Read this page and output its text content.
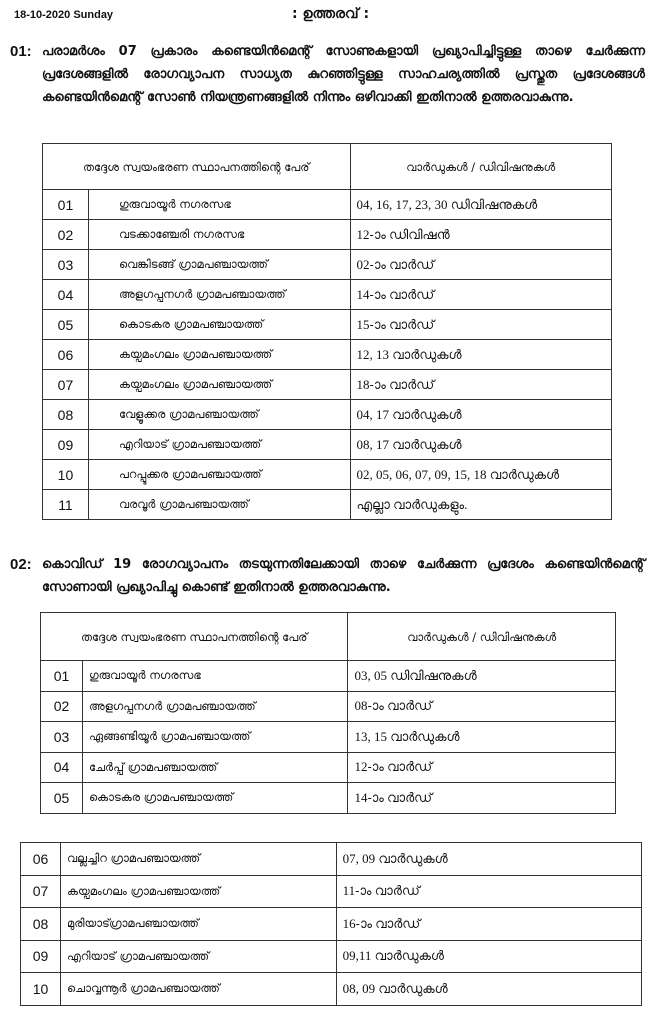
18-10-2020 Sunday	: ഉത്തരവ് :
01: പരാമർശം 07 പ്രകാരം കണ്ടെയിൻമെന്റ് സോണുകളായി പ്രഖ്യാപിച്ചിട്ടുള്ള താഴെ ചേർക്കുന്ന പ്രദേശങ്ങളിൽ രോഗവ്യാപന സാധ്യത കുറഞ്ഞിട്ടുള്ള സാഹചര്യത്തിൽ പ്രസ്തുത പ്രദേശങ്ങൾ കണ്ടെയിൻമെന്റ് സോൺ നിയന്ത്രണങ്ങളിൽ നിന്നും ഒഴിവാക്കി ഇതിനാൽ ഉത്തരവാകുന്നു.
തദ്ദേശ സ്വയംഭരണ സ്ഥാപനത്തിന്റെ പേര്		വാർഡുകൾ / ഡിവിഷനുകൾ
01	ഗുരുവായൂർ നഗരസഭ	04, 16, 17, 23, 30 ഡിവിഷനുകൾ
02	വടക്കാഞ്ചേരി നഗരസഭ	12-ാം ഡിവിഷൻ
03	വെങ്കിടങ്ങ് ഗ്രാമപഞ്ചായത്ത്	02-ാം വാർഡ്
04	അളഗപ്പനഗർ ഗ്രാമപഞ്ചായത്ത്	14-ാം വാർഡ്
05	കൊടകര ഗ്രാമപഞ്ചായത്ത്	15-ാം വാർഡ്
06	കയ്പമംഗലം ഗ്രാമപഞ്ചായത്ത്	12, 13 വാർഡുകൾ
07	കയ്പമംഗലം ഗ്രാമപഞ്ചായത്ത്	18-ാം വാർഡ്
08	വേളൂക്കര ഗ്രാമപഞ്ചായത്ത്	04, 17 വാർഡുകൾ
09	എറിയാട് ഗ്രാമപഞ്ചായത്ത്	08, 17 വാർഡുകൾ
10	പറപ്പൂക്കര ഗ്രാമപഞ്ചായത്ത്	02, 05, 06, 07, 09, 15, 18 വാർഡുകൾ
11	വരവൂർ ഗ്രാമപഞ്ചായത്ത്	എല്ലാ വാർഡുകളും.
02: കൊവിഡ് 19 രോഗവ്യാപനം തടയുന്നതിലേക്കായി താഴെ ചേർക്കുന്ന പ്രദേശം കണ്ടെയിൻമെന്റ് സോണായി പ്രഖ്യാപിച്ചു കൊണ്ട് ഇതിനാൽ ഉത്തരവാകുന്നു.
തദ്ദേശ സ്വയംഭരണ സ്ഥാപനത്തിന്റെ പേര്		വാർഡുകൾ / ഡിവിഷനുകൾ
01	ഗുരുവായൂർ നഗരസഭ	03, 05 ഡിവിഷനുകൾ
02	അളഗപ്പനഗർ ഗ്രാമപഞ്ചായത്ത്	08-ാം വാർഡ്
03	ഏങ്ങണ്ടിയൂർ ഗ്രാമപഞ്ചായത്ത്	13, 15 വാർഡുകൾ
04	ചേർപ്പ് ഗ്രാമപഞ്ചായത്ത്	12-ാം വാർഡ്
05	കൊടകര ഗ്രാമപഞ്ചായത്ത്	14-ാം വാർഡ്
06	വല്ലച്ചിറ ഗ്രാമപഞ്ചായത്ത്	07, 09 വാർഡുകൾ
07	കയ്പമംഗലം ഗ്രാമപഞ്ചായത്ത്	11-ാം വാർഡ്
08	മുരിയാട്ഗ്രാമപഞ്ചായത്ത്	16-ാം വാർഡ്
09	എറിയാട് ഗ്രാമപഞ്ചായത്ത്	09,11 വാർഡുകൾ
10	ചൊവ്വന്നൂർ ഗ്രാമപഞ്ചായത്ത്	08, 09 വാർഡുകൾ
